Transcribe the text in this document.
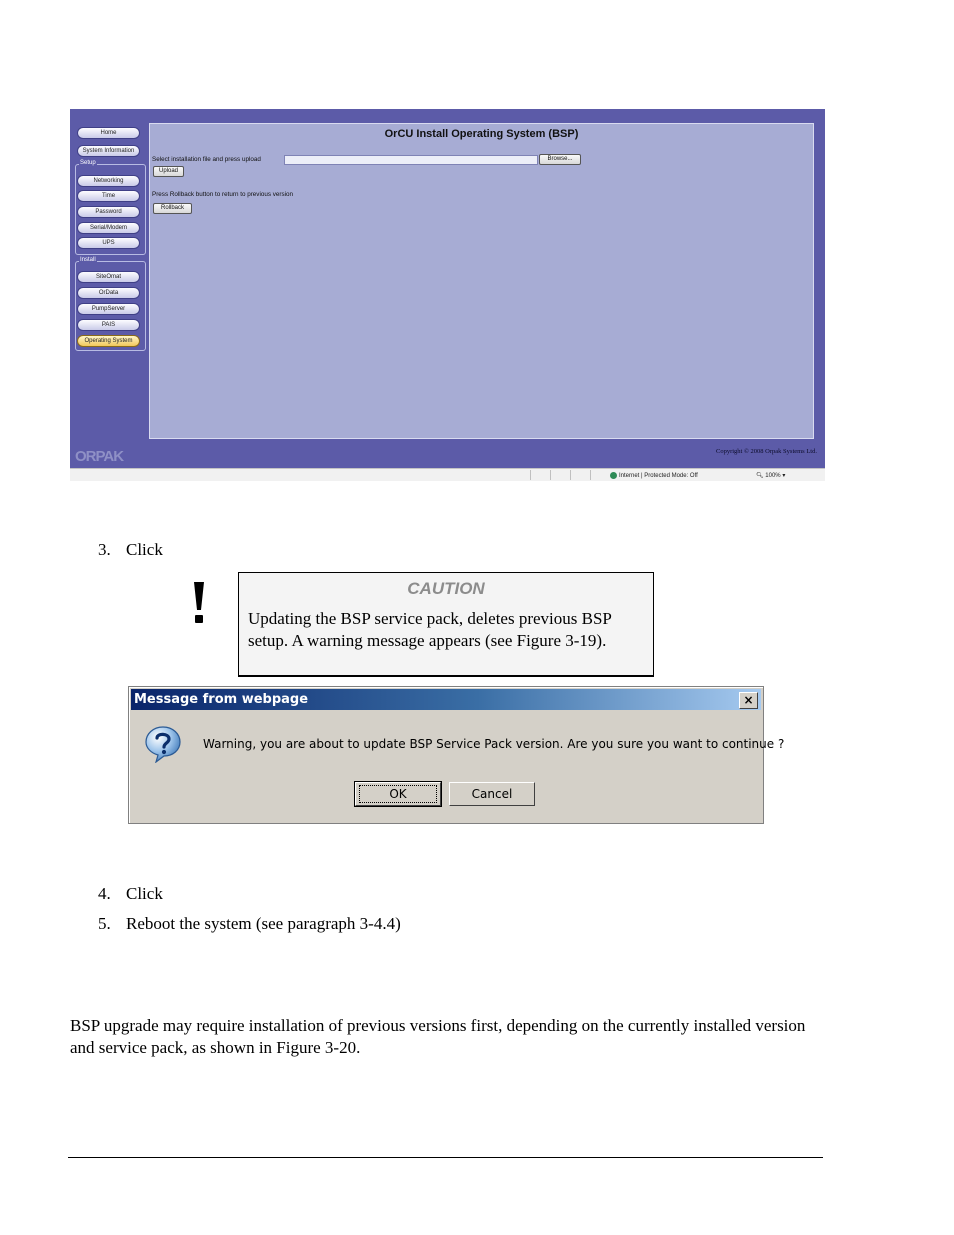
Home
System Information
Setup
Networking
Time
Password
Serial/Modem
UPS
Install
SiteOmat
OrData
PumpServer
PAIS
Operating System
OrCU Install Operating System (BSP)
Select installation file and press upload	Browse...
Upload
Press Rollback button to return to previous version
Rollback
ORPAK	Copyright © 2008 Orpak Systems Ltd.
Internet | Protected Mode: Off	🔍︎ 100% ▾
3. Click
CAUTION
Updating the BSP service pack, deletes previous BSP setup. A warning message appears (see Figure 3-19).
Message from webpage	×
Warning, you are about to update BSP Service Pack version. Are you sure you want to continue ?
OK	Cancel
4. Click
5. Reboot the system (see paragraph 3-4.4)
BSP upgrade may require installation of previous versions first, depending on the currently installed version and service pack, as shown in Figure 3-20.
